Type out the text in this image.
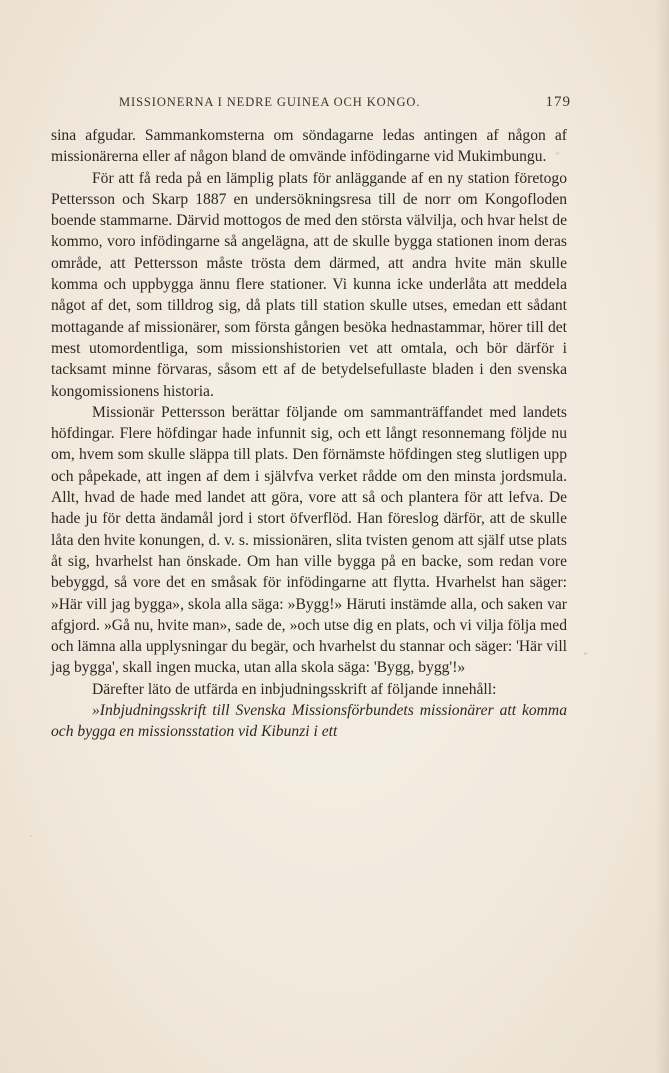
MISSIONERNA I NEDRE GUINEA OCH KONGO.	179

sina afgudar. Sammankomsterna om söndagarne ledas antingen af någon af missionärerna eller af någon bland de omvände infödingarne vid Mukimbungu.

För att få reda på en lämplig plats för anläggande af en ny station företogo Pettersson och Skarp 1887 en undersökningsresa till de norr om Kongofloden boende stammarne. Därvid mottogos de med den största välvilja, och hvar helst de kommo, voro infödingarne så angelägna, att de skulle bygga stationen inom deras område, att Pettersson måste trösta dem därmed, att andra hvite män skulle komma och uppbygga ännu flere stationer. Vi kunna icke underlåta att meddela något af det, som tilldrog sig, då plats till station skulle utses, emedan ett sådant mottagande af missionärer, som första gången besöka hednastammar, hörer till det mest utomordentliga, som missionshistorien vet att omtala, och bör därför i tacksamt minne förvaras, såsom ett af de betydelsefullaste bladen i den svenska kongomissionens historia.

Missionär Pettersson berättar följande om sammanträffandet med landets höfdingar. Flere höfdingar hade infunnit sig, och ett långt resonnemang följde nu om, hvem som skulle släppa till plats. Den förnämste höfdingen steg slutligen upp och påpekade, att ingen af dem i självfva verket rådde om den minsta jordsmula. Allt, hvad de hade med landet att göra, vore att så och plantera för att lefva. De hade ju för detta ändamål jord i stort öfverflöd. Han föreslog därför, att de skulle låta den hvite konungen, d. v. s. missionären, slita tvisten genom att själf utse plats åt sig, hvarhelst han önskade. Om han ville bygga på en backe, som redan vore bebyggd, så vore det en småsak för infödingarne att flytta. Hvarhelst han säger: »Här vill jag bygga», skola alla säga: »Bygg!» Häruti instämde alla, och saken var afgjord. »Gå nu, hvite man», sade de, »och utse dig en plats, och vi vilja följa med och lämna alla upplysningar du begär, och hvarhelst du stannar och säger: 'Här vill jag bygga', skall ingen mucka, utan alla skola säga: 'Bygg, bygg'!»

Därefter läto de utfärda en inbjudningsskrift af följande innehåll:

»Inbjudningsskrift till Svenska Missionsförbundets missionärer att komma och bygga en missionsstation vid Kibunzi i ett
